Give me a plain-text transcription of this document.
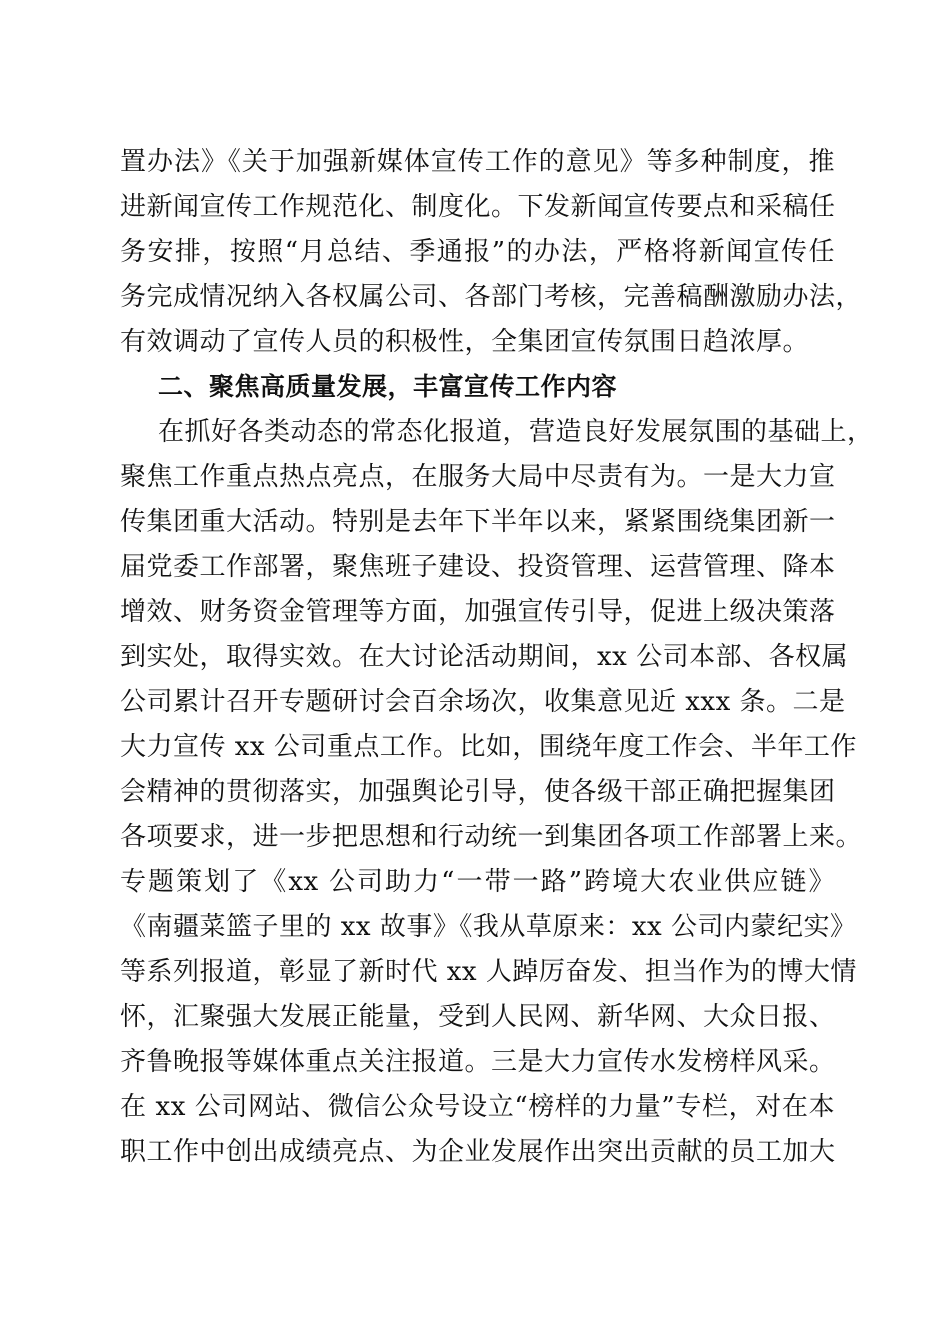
置办法》《关于加强新媒体宣传工作的意见》等多种制度，推
进新闻宣传工作规范化、制度化。下发新闻宣传要点和采稿任
务安排，按照“月总结、季通报”的办法，严格将新闻宣传任
务完成情况纳入各权属公司、各部门考核，完善稿酬激励办法，
有效调动了宣传人员的积极性，全集团宣传氛围日趋浓厚。
二、聚焦高质量发展，丰富宣传工作内容
在抓好各类动态的常态化报道，营造良好发展氛围的基础上，
聚焦工作重点热点亮点，在服务大局中尽责有为。一是大力宣
传集团重大活动。特别是去年下半年以来，紧紧围绕集团新一
届党委工作部署，聚焦班子建设、投资管理、运营管理、降本
增效、财务资金管理等方面，加强宣传引导，促进上级决策落
到实处，取得实效。在大讨论活动期间，xx 公司本部、各权属
公司累计召开专题研讨会百余场次，收集意见近 xxx 条。二是
大力宣传 xx 公司重点工作。比如，围绕年度工作会、半年工作
会精神的贯彻落实，加强舆论引导，使各级干部正确把握集团
各项要求，进一步把思想和行动统一到集团各项工作部署上来。
专题策划了《xx 公司助力“一带一路”跨境大农业供应链》
《南疆菜篮子里的 xx 故事》《我从草原来：xx 公司内蒙纪实》
等系列报道，彰显了新时代 xx 人踔厉奋发、担当作为的博大情
怀，汇聚强大发展正能量，受到人民网、新华网、大众日报、
齐鲁晚报等媒体重点关注报道。三是大力宣传水发榜样风采。
在 xx 公司网站、微信公众号设立“榜样的力量”专栏，对在本
职工作中创出成绩亮点、为企业发展作出突出贡献的员工加大
